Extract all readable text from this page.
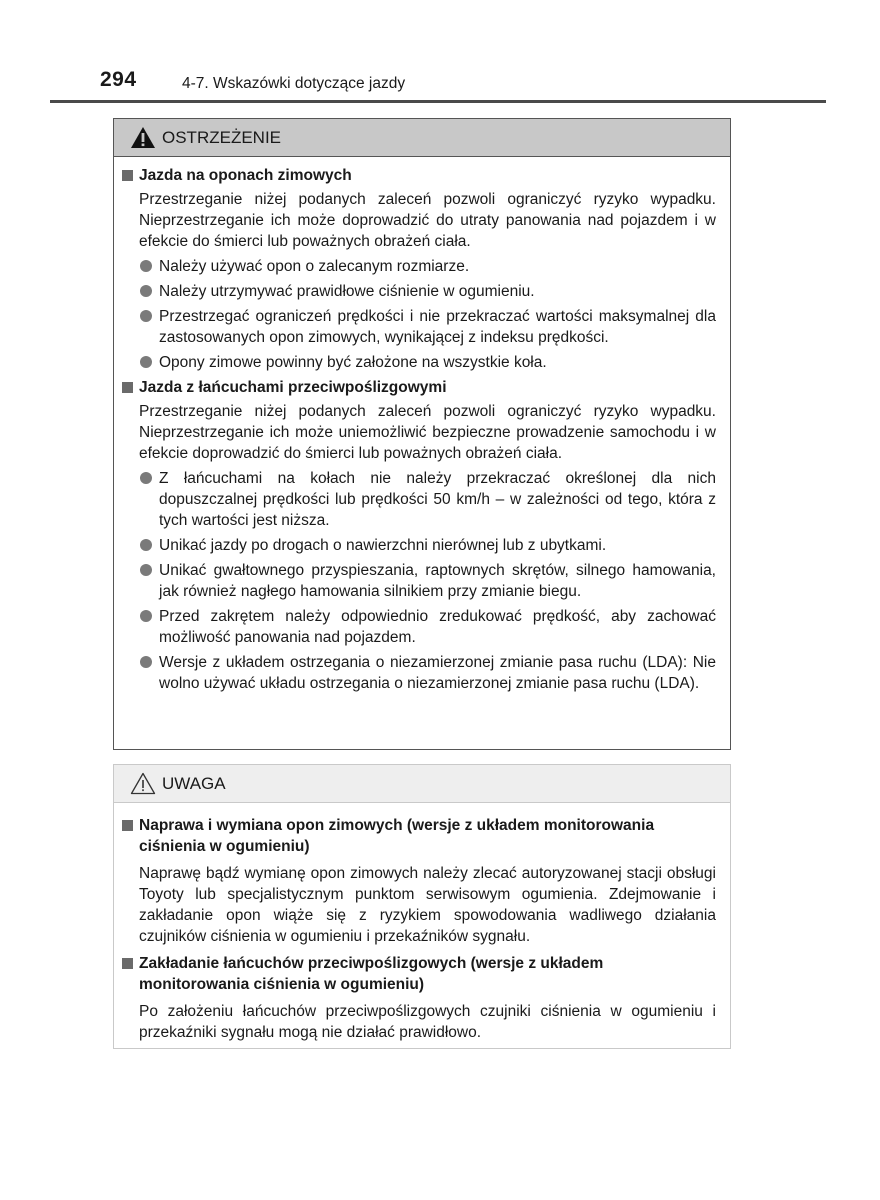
294	4-7. Wskazówki dotyczące jazdy
OSTRZEŻENIE
Jazda na oponach zimowych
Przestrzeganie niżej podanych zaleceń pozwoli ograniczyć ryzyko wypadku. Nieprzestrzeganie ich może doprowadzić do utraty panowania nad pojazdem i w efekcie do śmierci lub poważnych obrażeń ciała.
Należy używać opon o zalecanym rozmiarze.
Należy utrzymywać prawidłowe ciśnienie w ogumieniu.
Przestrzegać ograniczeń prędkości i nie przekraczać wartości maksymalnej dla zastosowanych opon zimowych, wynikającej z indeksu prędkości.
Opony zimowe powinny być założone na wszystkie koła.
Jazda z łańcuchami przeciwpoślizgowymi
Przestrzeganie niżej podanych zaleceń pozwoli ograniczyć ryzyko wypadku. Nieprzestrzeganie ich może uniemożliwić bezpieczne prowadzenie samochodu i w efekcie doprowadzić do śmierci lub poważnych obrażeń ciała.
Z łańcuchami na kołach nie należy przekraczać określonej dla nich dopuszczalnej prędkości lub prędkości 50 km/h – w zależności od tego, która z tych wartości jest niższa.
Unikać jazdy po drogach o nawierzchni nierównej lub z ubytkami.
Unikać gwałtownego przyspieszania, raptownych skrętów, silnego hamowania, jak również nagłego hamowania silnikiem przy zmianie biegu.
Przed zakrętem należy odpowiednio zredukować prędkość, aby zachować możliwość panowania nad pojazdem.
Wersje z układem ostrzegania o niezamierzonej zmianie pasa ruchu (LDA): Nie wolno używać układu ostrzegania o niezamierzonej zmianie pasa ruchu (LDA).
UWAGA
Naprawa i wymiana opon zimowych (wersje z układem monitorowania ciśnienia w ogumieniu)
Naprawę bądź wymianę opon zimowych należy zlecać autoryzowanej stacji obsługi Toyoty lub specjalistycznym punktom serwisowym ogumienia. Zdejmowanie i zakładanie opon wiąże się z ryzykiem spowodowania wadliwego działania czujników ciśnienia w ogumieniu i przekaźników sygnału.
Zakładanie łańcuchów przeciwpoślizgowych (wersje z układem monitorowania ciśnienia w ogumieniu)
Po założeniu łańcuchów przeciwpoślizgowych czujniki ciśnienia w ogumieniu i przekaźniki sygnału mogą nie działać prawidłowo.
